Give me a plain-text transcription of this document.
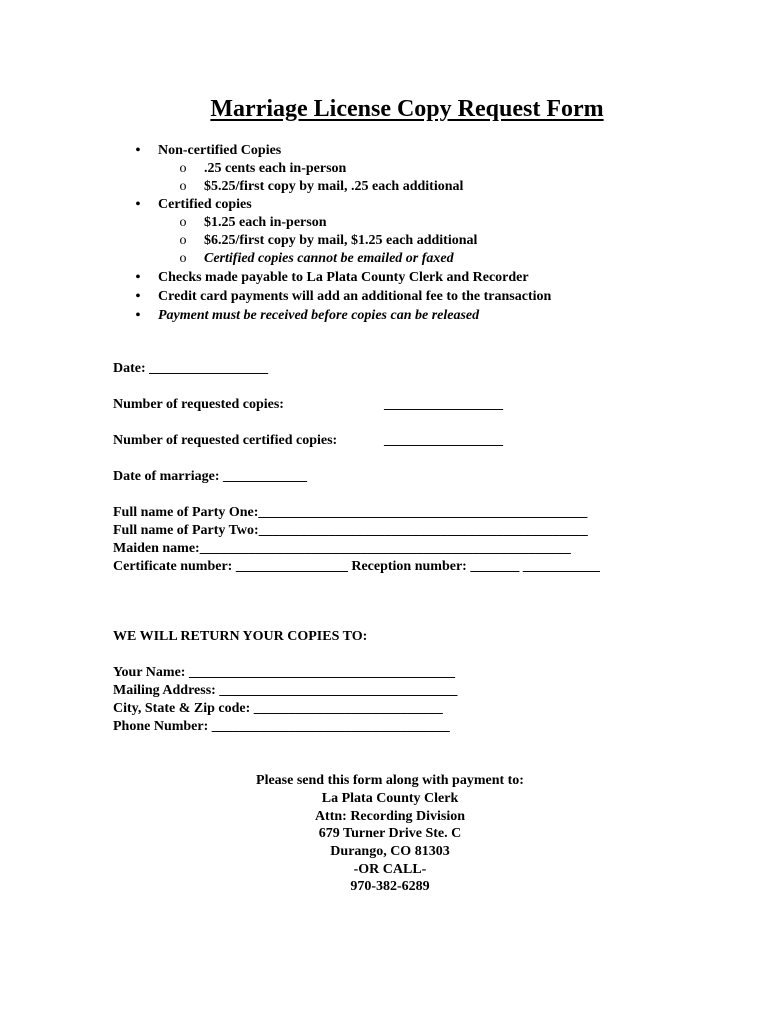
Marriage License Copy Request Form
• Non-certified Copies
o .25 cents each in-person
o $5.25/first copy by mail, .25 each additional
• Certified copies
o $1.25 each in-person
o $6.25/first copy by mail, $1.25 each additional
o Certified copies cannot be emailed or faxed
• Checks made payable to La Plata County Clerk and Recorder
• Credit card payments will add an additional fee to the transaction
• Payment must be received before copies can be released
Date: _________________
Number of requested copies:	_________________
Number of requested certified copies:	_________________
Date of marriage: ____________
Full name of Party One:_______________________________________________
Full name of Party Two:_______________________________________________
Maiden name:_____________________________________________________
Certificate number: ________________ Reception number: _______ ___________
WE WILL RETURN YOUR COPIES TO:
Your Name: ______________________________________
Mailing Address: __________________________________
City, State & Zip code: ___________________________
Phone Number: __________________________________
Please send this form along with payment to:
La Plata County Clerk
Attn: Recording Division
679 Turner Drive Ste. C
Durango, CO 81303
-OR CALL-
970-382-6289
